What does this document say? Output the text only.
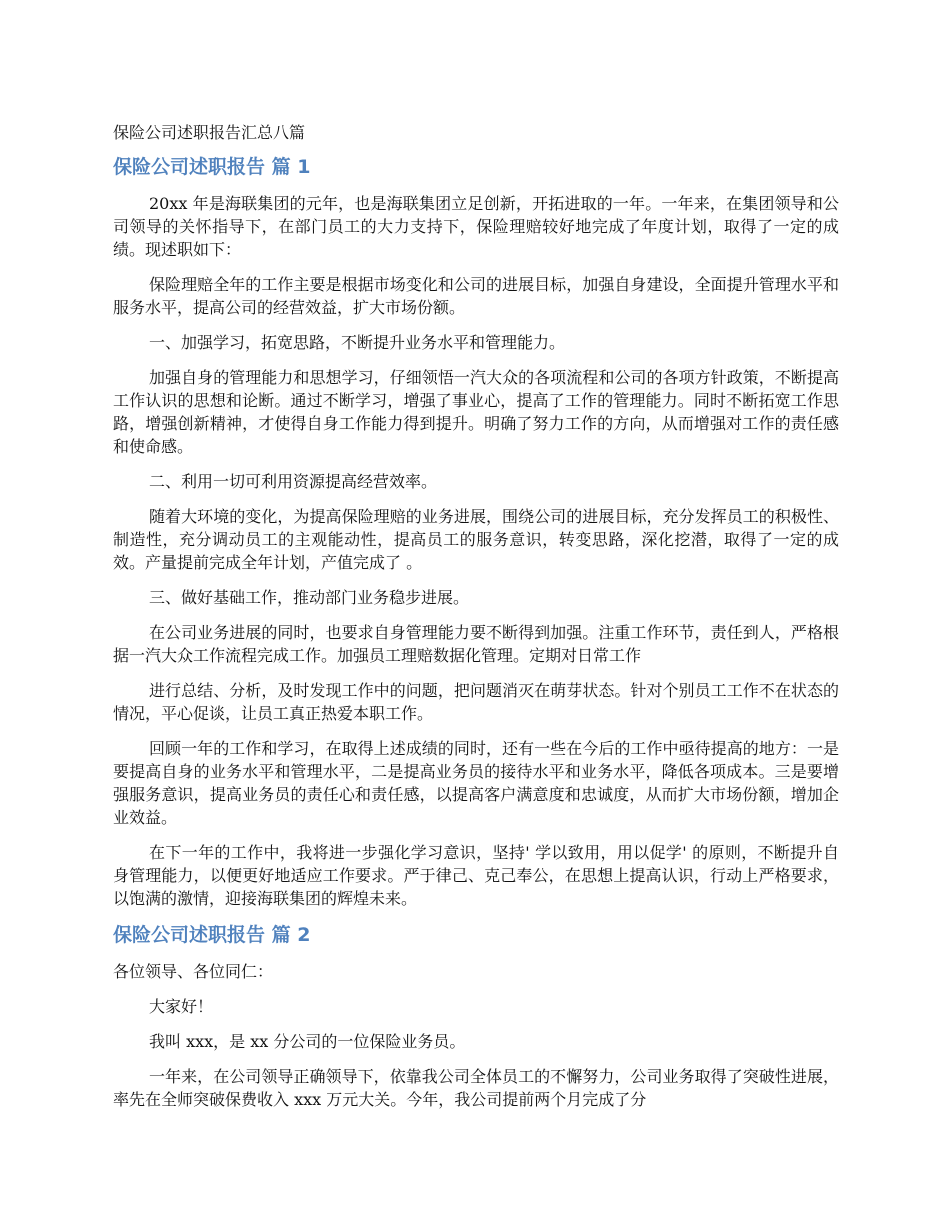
保险公司述职报告汇总八篇
保险公司述职报告 篇 1

20xx 年是海联集团的元年，也是海联集团立足创新，开拓进取的一年。一年来，在集团领导和公司领导的关怀指导下，在部门员工的大力支持下，保险理赔较好地完成了年度计划，取得了一定的成绩。现述职如下：

保险理赔全年的工作主要是根据市场变化和公司的进展目标，加强自身建设，全面提升管理水平和服务水平，提高公司的经营效益，扩大市场份额。

一、加强学习，拓宽思路，不断提升业务水平和管理能力。

加强自身的管理能力和思想学习，仔细领悟一汽大众的各项流程和公司的各项方针政策，不断提高工作认识的思想和论断。通过不断学习，增强了事业心，提高了工作的管理能力。同时不断拓宽工作思路，增强创新精神，才使得自身工作能力得到提升。明确了努力工作的方向，从而增强对工作的责任感和使命感。

二、利用一切可利用资源提高经营效率。

随着大环境的变化，为提高保险理赔的业务进展，围绕公司的进展目标，充分发挥员工的积极性、制造性，充分调动员工的主观能动性，提高员工的服务意识，转变思路，深化挖潜，取得了一定的成效。产量提前完成全年计划，产值完成了 。

三、做好基础工作，推动部门业务稳步进展。

在公司业务进展的同时，也要求自身管理能力要不断得到加强。注重工作环节，责任到人，严格根据一汽大众工作流程完成工作。加强员工理赔数据化管理。定期对日常工作

进行总结、分析，及时发现工作中的问题，把问题消灭在萌芽状态。针对个别员工工作不在状态的情况，平心促谈，让员工真正热爱本职工作。

回顾一年的工作和学习，在取得上述成绩的同时，还有一些在今后的工作中亟待提高的地方：一是要提高自身的业务水平和管理水平，二是提高业务员的接待水平和业务水平，降低各项成本。三是要增强服务意识，提高业务员的责任心和责任感，以提高客户满意度和忠诚度，从而扩大市场份额，增加企业效益。

在下一年的工作中，我将进一步强化学习意识，坚持' 学以致用，用以促学' 的原则，不断提升自身管理能力，以便更好地适应工作要求。严于律己、克己奉公，在思想上提高认识，行动上严格要求，以饱满的激情，迎接海联集团的辉煌未来。

保险公司述职报告 篇 2

各位领导、各位同仁：

大家好！

我叫 xxx，是 xx 分公司的一位保险业务员。

一年来，在公司领导正确领导下，依靠我公司全体员工的不懈努力，公司业务取得了突破性进展，率先在全师突破保费收入 xxx 万元大关。今年，我公司提前两个月完成了分
